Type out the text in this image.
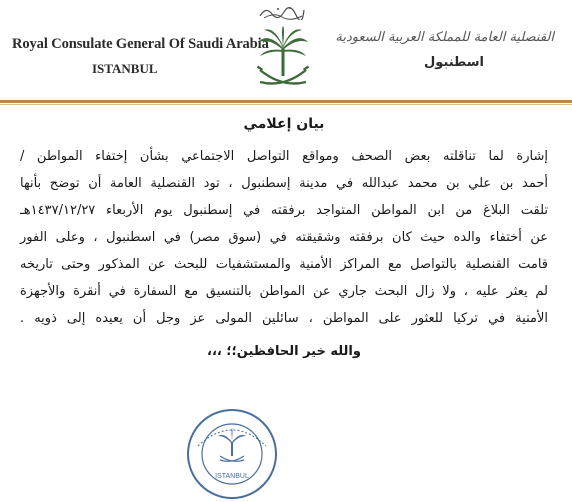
Royal Consulate General Of Saudi Arabia
ISTANBUL
القنصلية العامة للمملكة العربية السعودية
اسطنبول
بيان إعلامي
إشارة لما تناقلته بعض الصحف ومواقع التواصل الاجتماعي بشأن إختفاء المواطن /
أحمد بن علي بن محمد عبدالله في مدينة إسطنبول ، تود القنصلية العامة أن توضح بأنها
تلقت البلاغ من ابن المواطن المتواجد برفقته في إسطنبول يوم الأربعاء ١٤٣٧/١٢/٢٧هـ
عن أختفاء والده حيث كان برفقته وشقيقته في (سوق مصر) في اسطنبول ، وعلى الفور
قامت القنصلية بالتواصل مع المراكز الأمنية والمستشفيات للبحث عن المذكور وحتى تاريخه
لم يعثر عليه ، ولا زال البحث جاري عن المواطن بالتنسيق مع السفارة في أنقرة والأجهزة
الأمنية في تركيا للعثور على المواطن ، سائلين المولى عز وجل أن يعيده إلى ذويه .
والله خير الحافظين؛؛ ،،،
ISTANBUL
